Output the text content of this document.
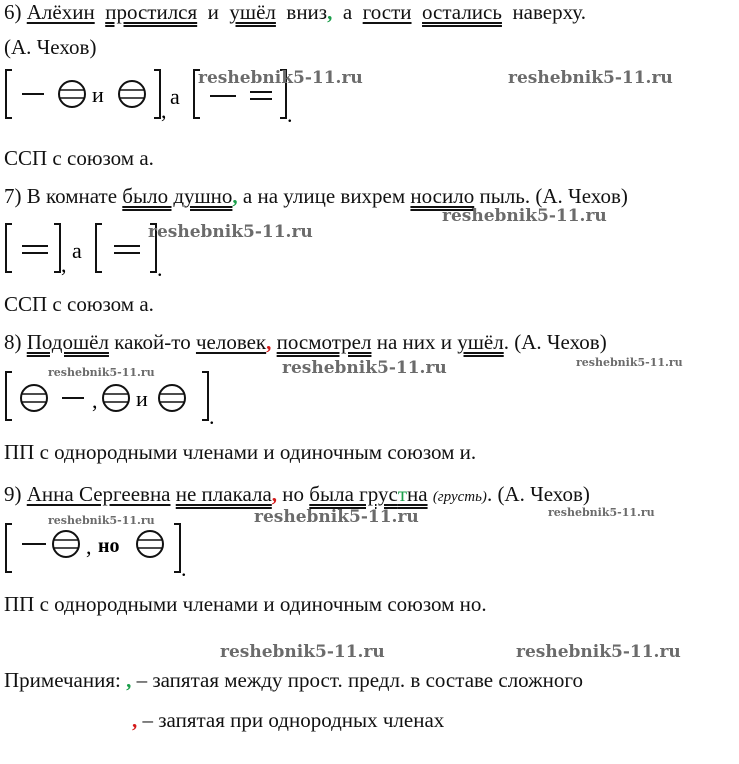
6) Алёхин простился и ушёл вниз, а гости остались наверху.
(А. Чехов)
и
,
а
.
reshebnik5-11.ru	reshebnik5-11.ru
ССП с союзом а.
7) В комнате было душно, а на улице вихрем носило пыль. (А. Чехов)
reshebnik5-11.ru
,
а
.
reshebnik5-11.ru
ССП с союзом а.
8) Подошёл какой-то человек, посмотрел на них и ушёл. (А. Чехов)
reshebnik5-11.ru
reshebnik5-11.ru
, и
.
reshebnik5-11.ru
ПП с однородными членами и одиночным союзом и.
9) Анна Сергеевна не плакала, но была грустна (грусть). (А. Чехов)
reshebnik5-11.ru
reshebnik5-11.ru
reshebnik5-11.ru
, но
.
ПП с однородными членами и одиночным союзом но.
reshebnik5-11.ru	reshebnik5-11.ru
Примечания: , – запятая между прост. предл. в составе сложного
, – запятая при однородных членах
